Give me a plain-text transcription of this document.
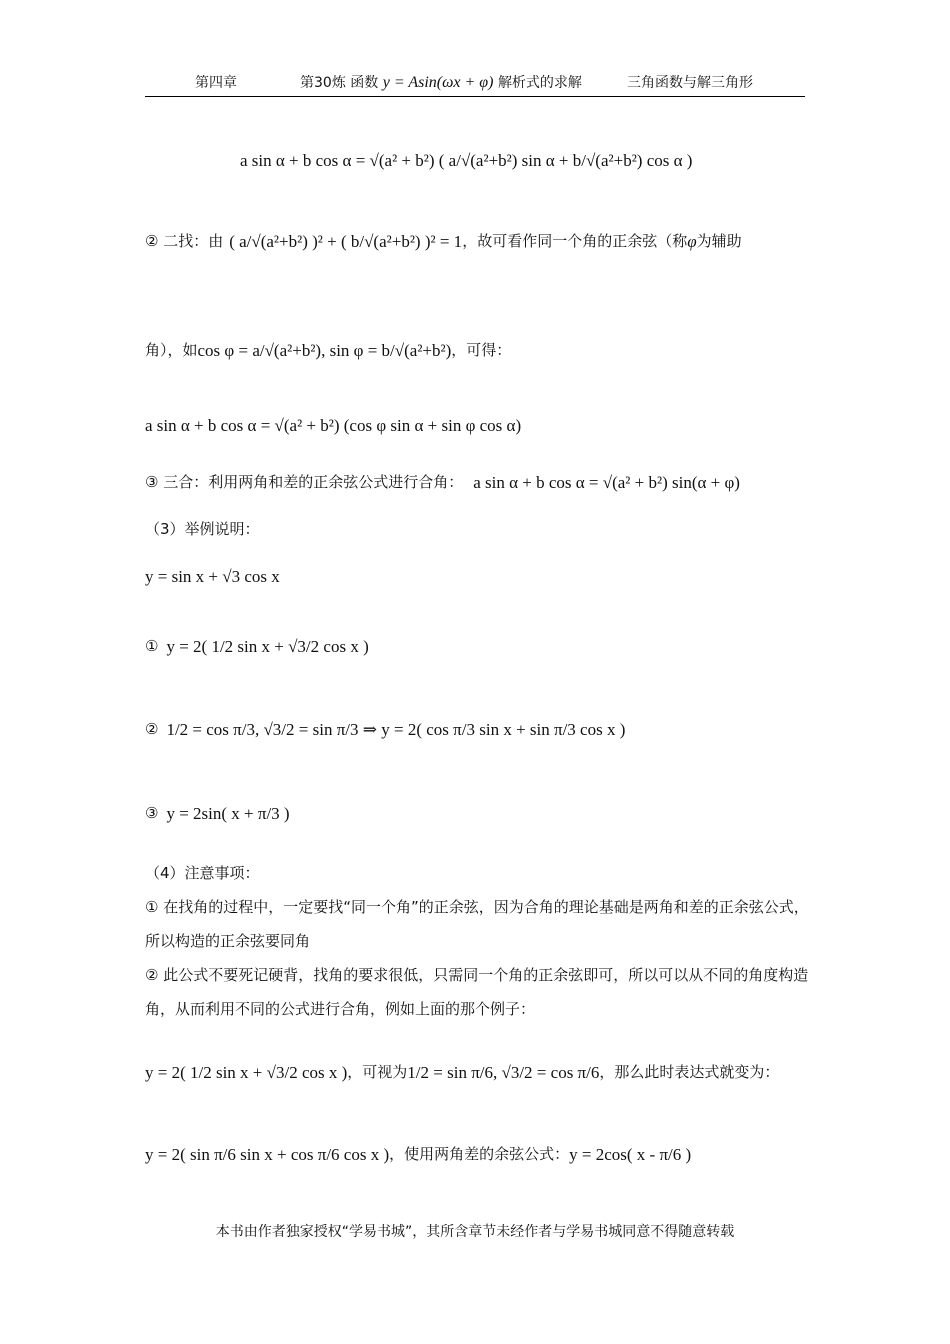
第四章	第30炼 函数 y = Asin(ωx + φ) 解析式的求解	三角函数与解三角形
a sin α + b cos α = √(a² + b²) ( a/√(a²+b²) sin α + b/√(a²+b²) cos α )
② 二找：由 ( a/√(a²+b²) )² + ( b/√(a²+b²) )² = 1 ，故可看作同一个角的正余弦（称 φ 为辅助
角），如 cos φ = a/√(a²+b²), sin φ = b/√(a²+b²) ，可得：
a sin α + b cos α = √(a² + b²) (cos φ sin α + sin φ cos α)
③ 三合：利用两角和差的正余弦公式进行合角： a sin α + b cos α = √(a² + b²) sin(α + φ)
（3）举例说明：
y = sin x + √3 cos x
① y = 2( 1/2 sin x + √3/2 cos x )
② 1/2 = cos π/3, √3/2 = sin π/3 ⇒ y = 2( cos π/3 sin x + sin π/3 cos x )
③ y = 2sin( x + π/3 )
（4）注意事项：
① 在找角的过程中，一定要找“同一个角”的正余弦，因为合角的理论基础是两角和差的正余弦公式，所以构造的正余弦要同角
② 此公式不要死记硬背，找角的要求很低，只需同一个角的正余弦即可，所以可以从不同的角度构造角，从而利用不同的公式进行合角，例如上面的那个例子：
y = 2( 1/2 sin x + √3/2 cos x ) ，可视为 1/2 = sin π/6, √3/2 = cos π/6 ，那么此时表达式就变为：
y = 2( sin π/6 sin x + cos π/6 cos x ) ，使用两角差的余弦公式： y = 2cos( x - π/6 )
本书由作者独家授权“学易书城”，其所含章节未经作者与学易书城同意不得随意转载
